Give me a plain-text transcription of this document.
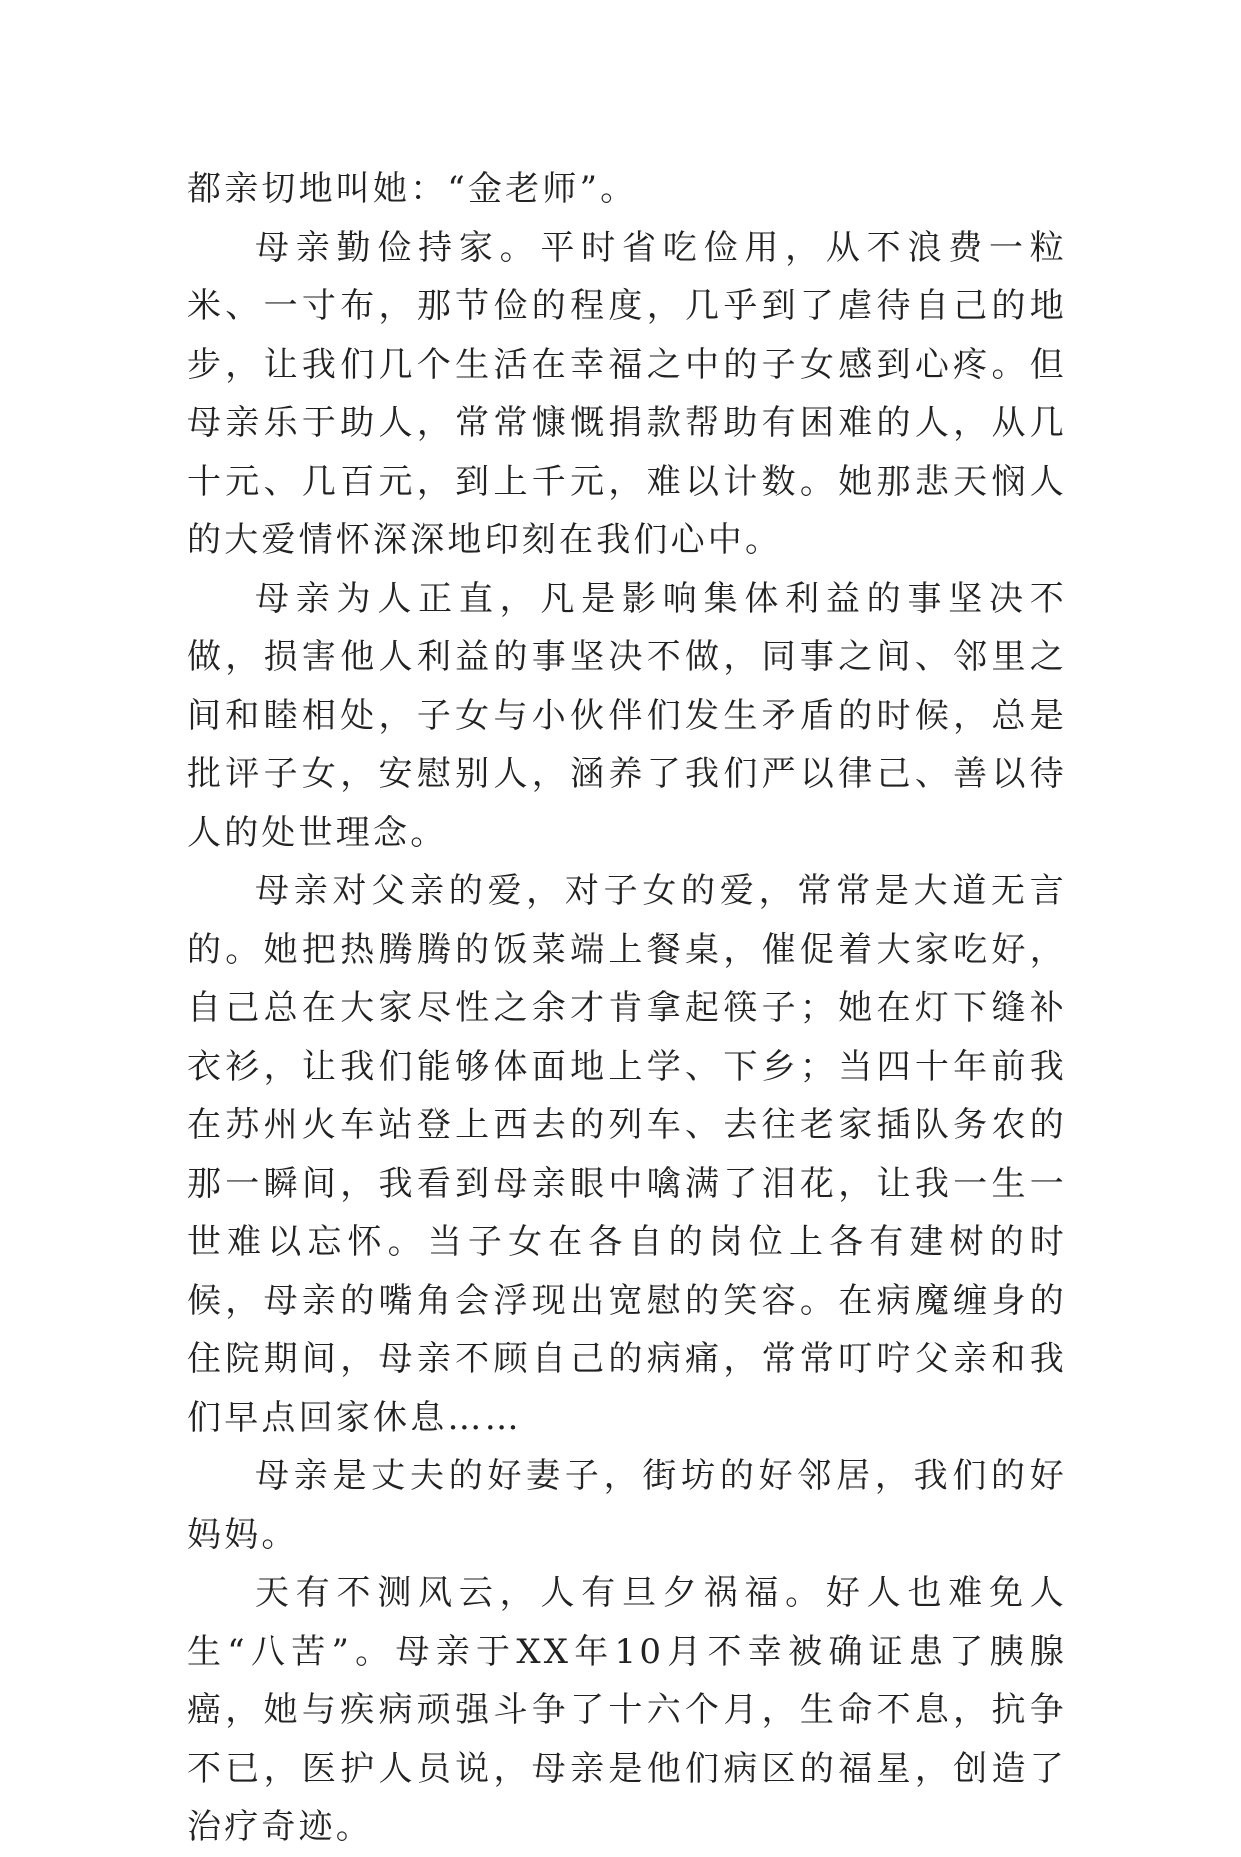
都亲切地叫她：“金老师”。

母亲勤俭持家。平时省吃俭用，从不浪费一粒米、一寸布，那节俭的程度，几乎到了虐待自己的地步，让我们几个生活在幸福之中的子女感到心疼。但母亲乐于助人，常常慷慨捐款帮助有困难的人，从几十元、几百元，到上千元，难以计数。她那悲天悯人的大爱情怀深深地印刻在我们心中。

母亲为人正直，凡是影响集体利益的事坚决不做，损害他人利益的事坚决不做，同事之间、邻里之间和睦相处，子女与小伙伴们发生矛盾的时候，总是批评子女，安慰别人，涵养了我们严以律己、善以待人的处世理念。

母亲对父亲的爱，对子女的爱，常常是大道无言的。她把热腾腾的饭菜端上餐桌，催促着大家吃好，自己总在大家尽性之余才肯拿起筷子；她在灯下缝补衣衫，让我们能够体面地上学、下乡；当四十年前我在苏州火车站登上西去的列车、去往老家插队务农的那一瞬间，我看到母亲眼中噙满了泪花，让我一生一世难以忘怀。当子女在各自的岗位上各有建树的时候，母亲的嘴角会浮现出宽慰的笑容。在病魔缠身的住院期间，母亲不顾自己的病痛，常常叮咛父亲和我们早点回家休息……

母亲是丈夫的好妻子，街坊的好邻居，我们的好妈妈。

天有不测风云，人有旦夕祸福。好人也难免人生“八苦”。母亲于XX年10月不幸被确证患了胰腺癌，她与疾病顽强斗争了十六个月，生命不息，抗争不已，医护人员说，母亲是他们病区的福星，创造了治疗奇迹。
